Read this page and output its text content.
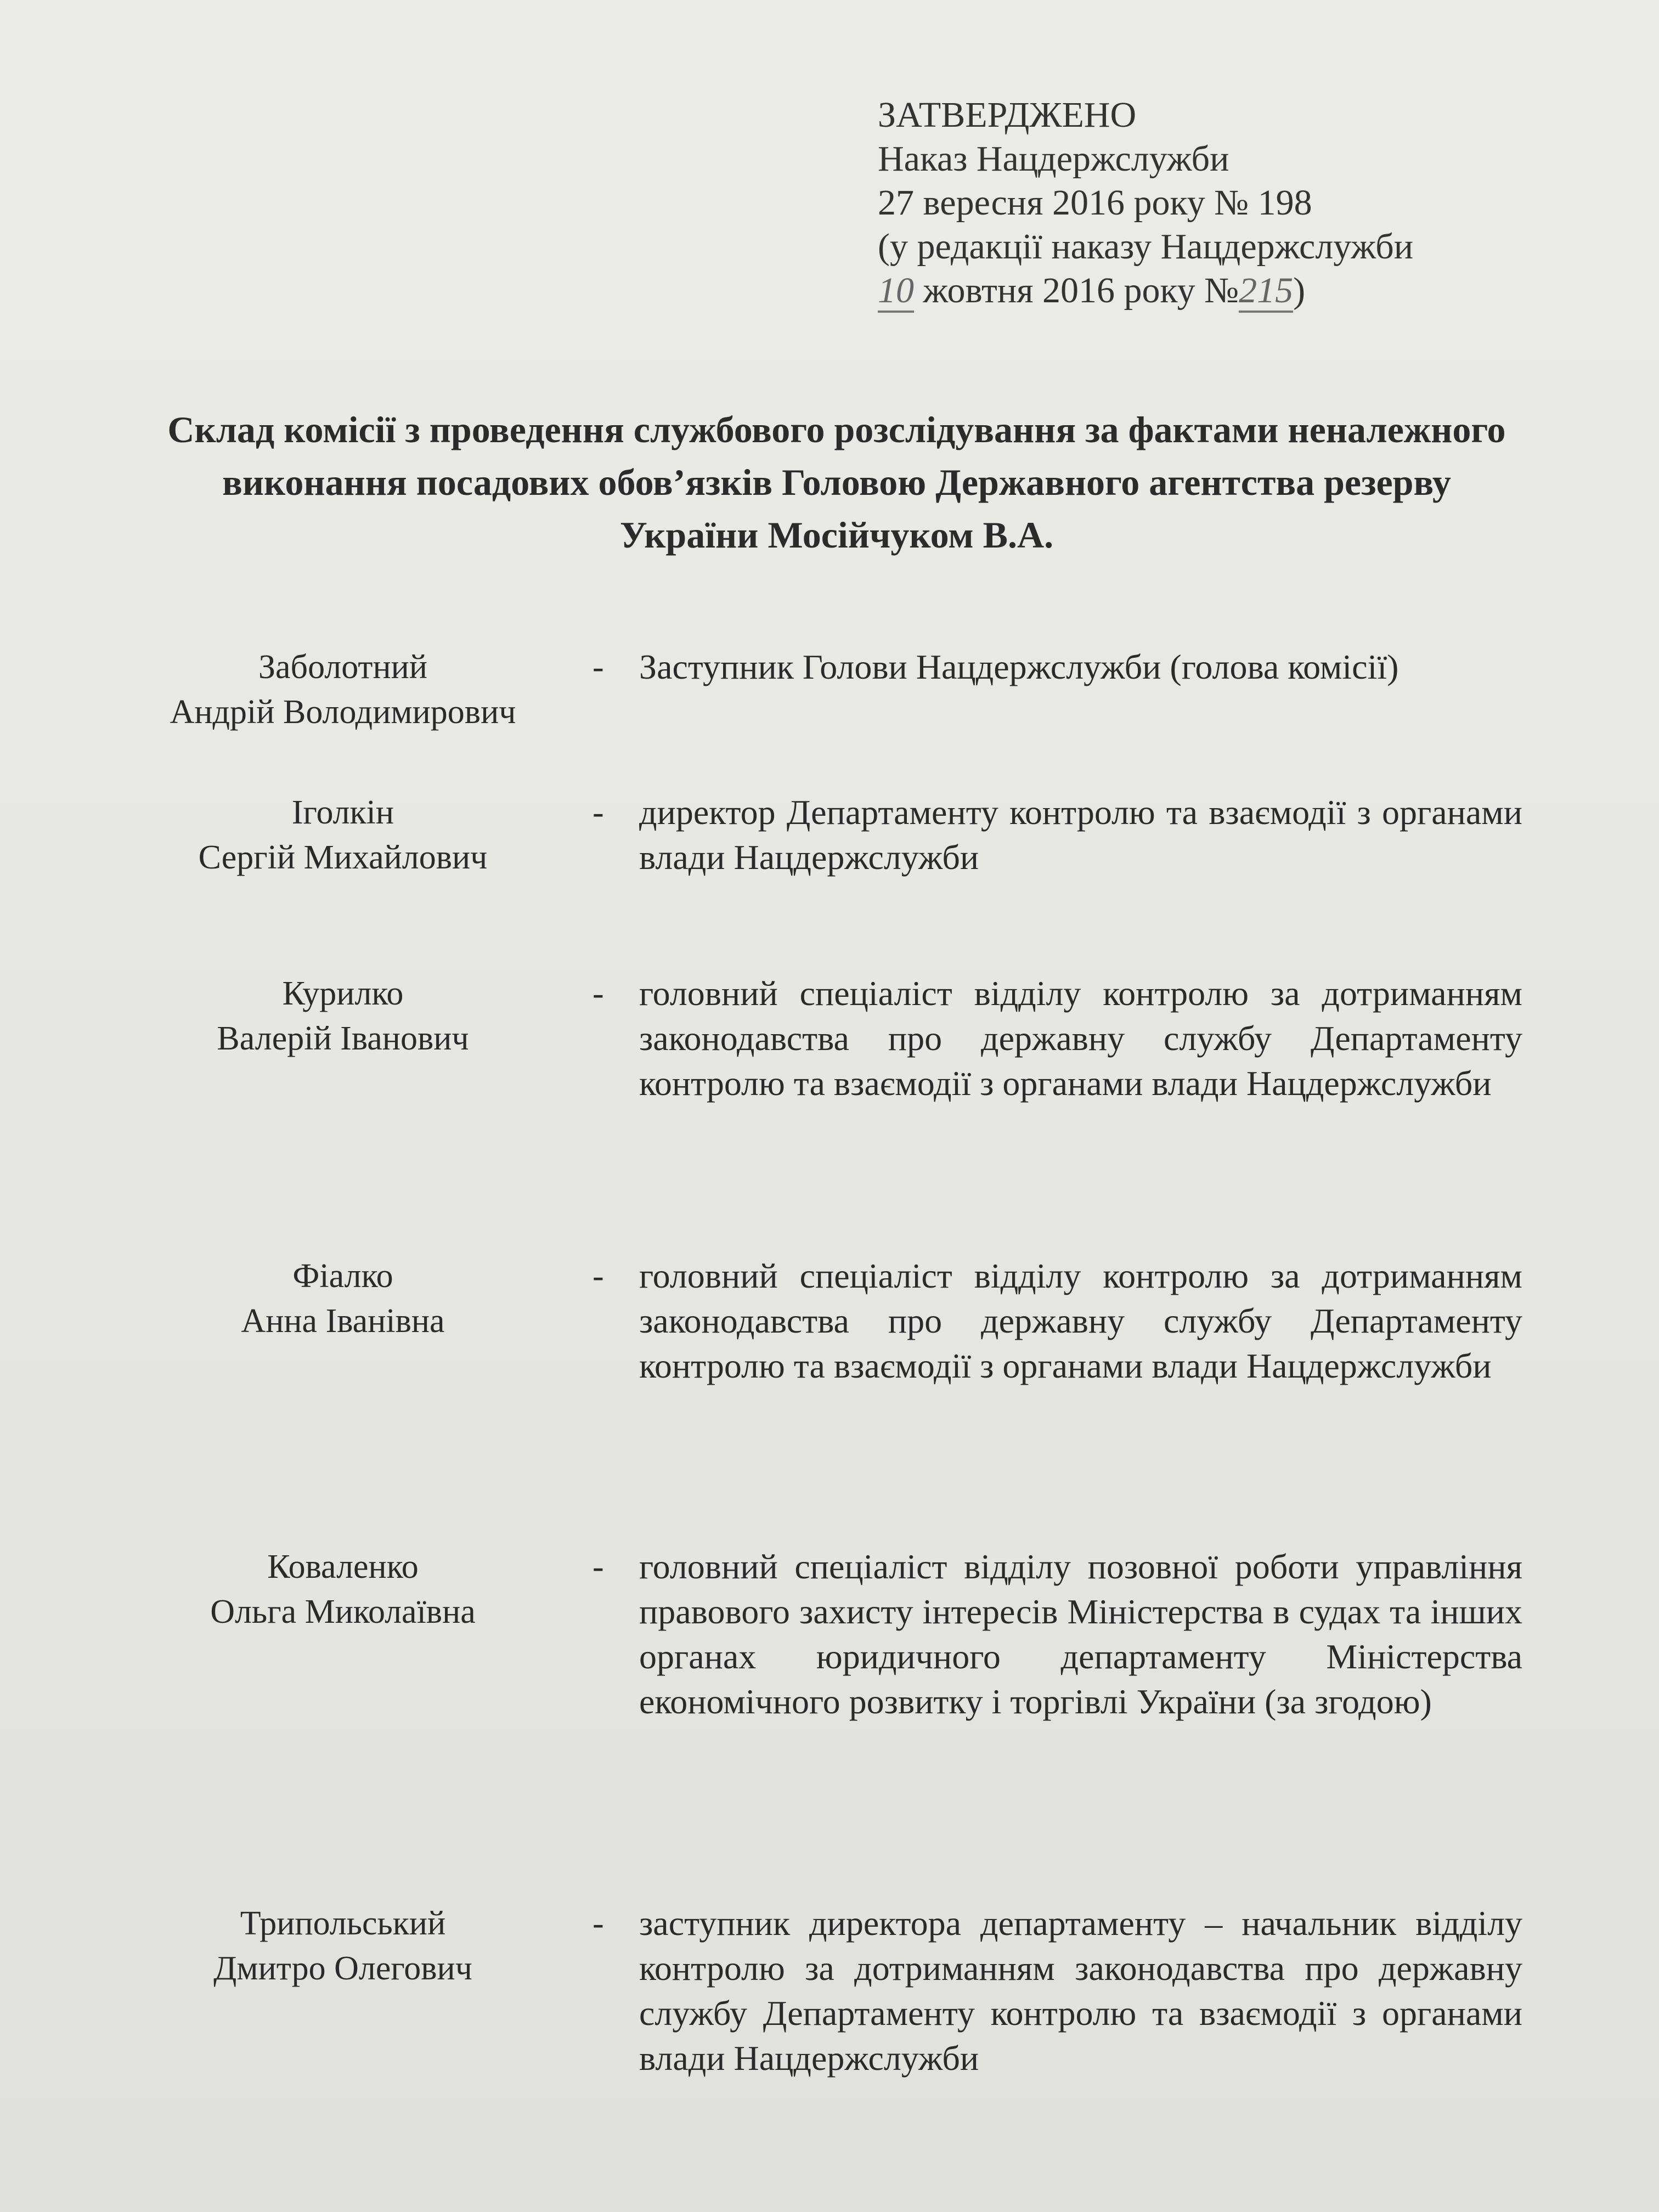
ЗАТВЕРДЖЕНО
Наказ Нацдержслужби
27 вересня 2016 року № 198
(у редакції наказу Нацдержслужби
10 жовтня 2016 року №215)
Склад комісії з проведення службового розслідування за фактами неналежного виконання посадових обов’язків Головою Державного агентства резерву України Мосійчуком В.А.
Заболотний
Андрій Володимирович
- Заступник Голови Нацдержслужби (голова комісії)
Іголкін
Сергій Михайлович
- директор Департаменту контролю та взаємодії з органами влади Нацдержслужби
Курилко
Валерій Іванович
- головний спеціаліст відділу контролю за дотриманням законодавства про державну службу Департаменту контролю та взаємодії з органами влади Нацдержслужби
Фіалко
Анна Іванівна
- головний спеціаліст відділу контролю за дотриманням законодавства про державну службу Департаменту контролю та взаємодії з органами влади Нацдержслужби
Коваленко
Ольга Миколаївна
- головний спеціаліст відділу позовної роботи управління правового захисту інтересів Міністерства в судах та інших органах юридичного департаменту Міністерства економічного розвитку і торгівлі України (за згодою)
Трипольський
Дмитро Олегович
- заступник директора департаменту – начальник відділу контролю за дотриманням законодавства про державну службу Департаменту контролю та взаємодії з органами влади Нацдержслужби
